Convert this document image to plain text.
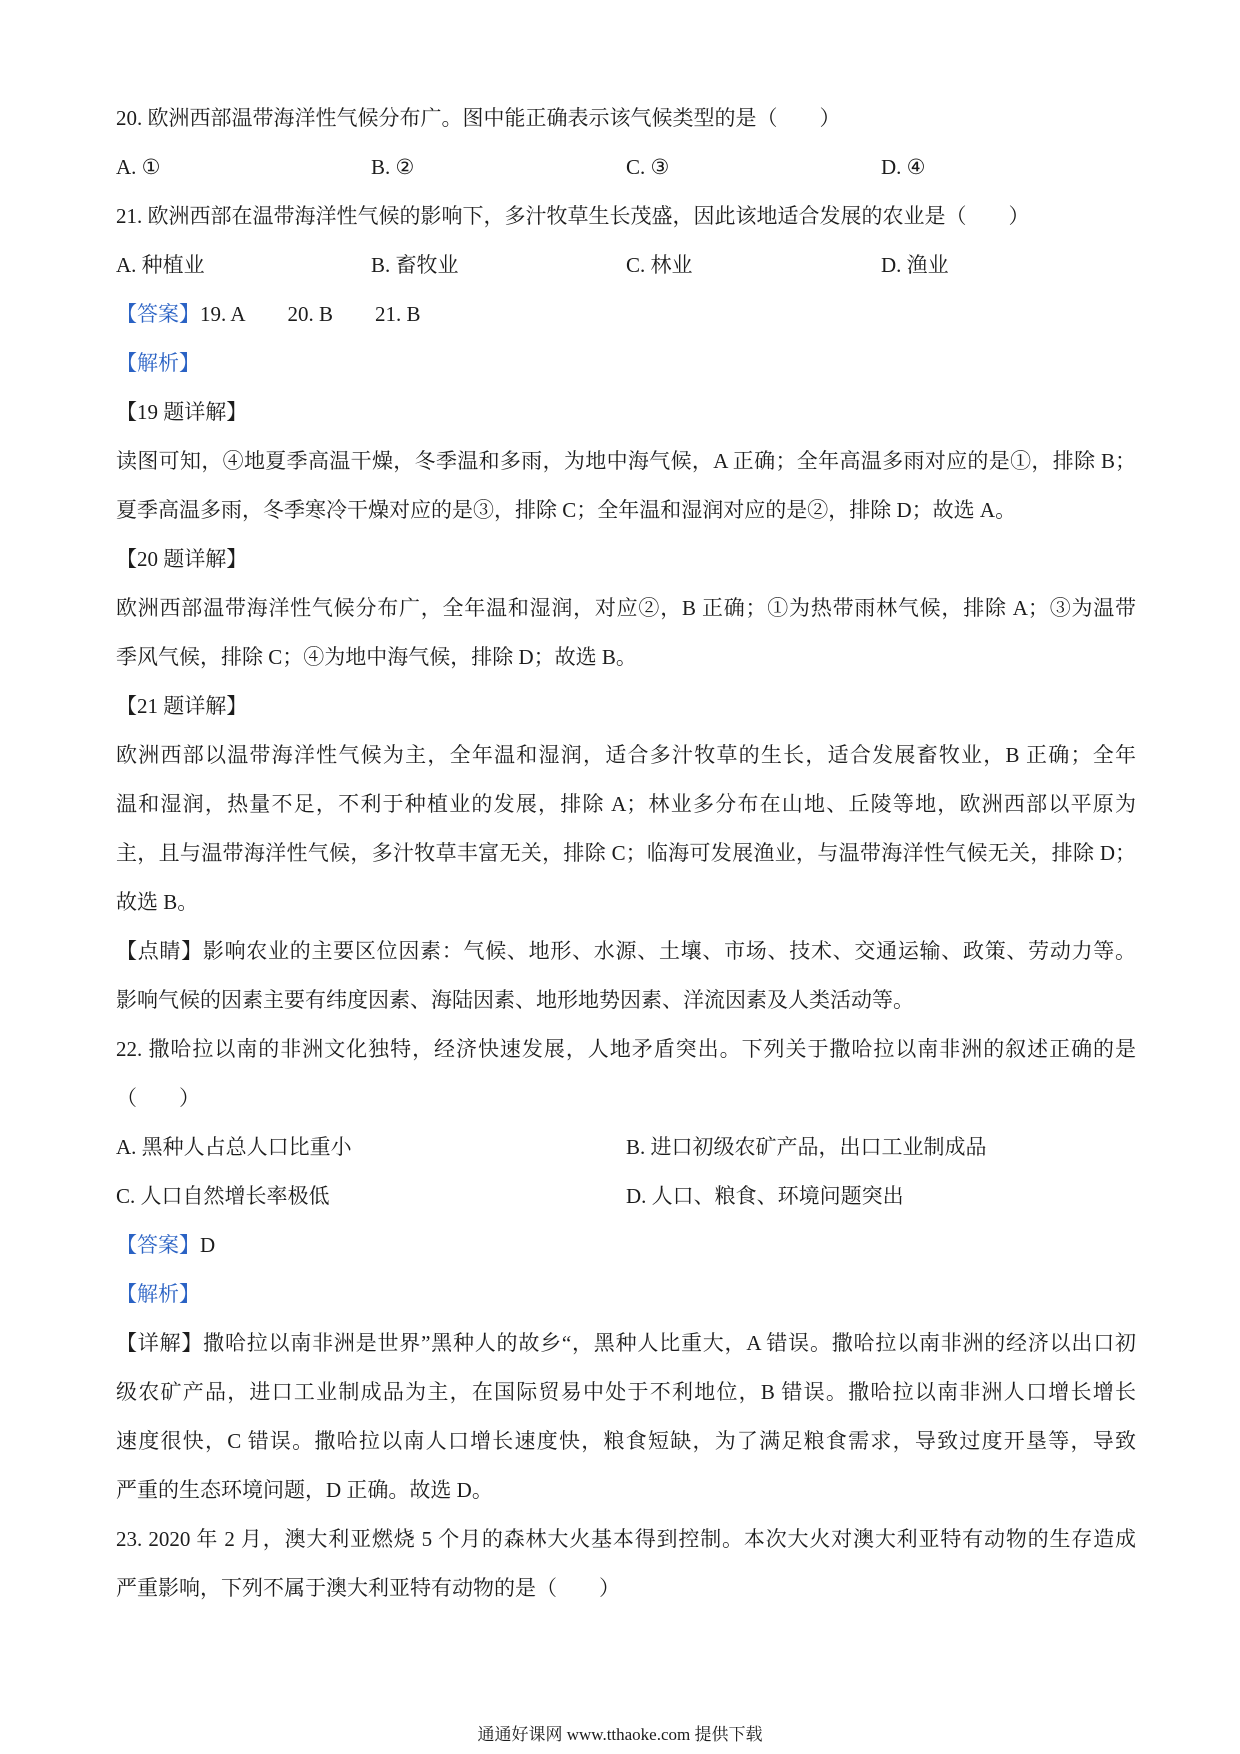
20. 欧洲西部温带海洋性气候分布广。图中能正确表示该气候类型的是（　　）
A. ①	B. ②	C. ③	D. ④
21. 欧洲西部在温带海洋性气候的影响下，多汁牧草生长茂盛，因此该地适合发展的农业是（　　）
A. 种植业	B. 畜牧业	C. 林业	D. 渔业
【答案】19. A 20. B 21. B
【解析】
【19 题详解】
读图可知，④地夏季高温干燥，冬季温和多雨，为地中海气候，A 正确；全年高温多雨对应的是①，排除 B；
夏季高温多雨，冬季寒冷干燥对应的是③，排除 C；全年温和湿润对应的是②，排除 D；故选 A。
【20 题详解】
欧洲西部温带海洋性气候分布广，全年温和湿润，对应②，B 正确；①为热带雨林气候，排除 A；③为温带
季风气候，排除 C；④为地中海气候，排除 D；故选 B。
【21 题详解】
欧洲西部以温带海洋性气候为主，全年温和湿润，适合多汁牧草的生长，适合发展畜牧业，B 正确；全年
温和湿润，热量不足，不利于种植业的发展，排除 A；林业多分布在山地、丘陵等地，欧洲西部以平原为
主，且与温带海洋性气候，多汁牧草丰富无关，排除 C；临海可发展渔业，与温带海洋性气候无关，排除 D；
故选 B。
【点睛】影响农业的主要区位因素：气候、地形、水源、土壤、市场、技术、交通运输、政策、劳动力等。
影响气候的因素主要有纬度因素、海陆因素、地形地势因素、洋流因素及人类活动等。
22. 撒哈拉以南的非洲文化独特，经济快速发展，人地矛盾突出。下列关于撒哈拉以南非洲的叙述正确的是
（　　）
A. 黑种人占总人口比重小	B. 进口初级农矿产品，出口工业制成品
C. 人口自然增长率极低	D. 人口、粮食、环境问题突出
【答案】D
【解析】
【详解】撒哈拉以南非洲是世界”黑种人的故乡“，黑种人比重大，A 错误。撒哈拉以南非洲的经济以出口初
级农矿产品，进口工业制成品为主，在国际贸易中处于不利地位，B 错误。撒哈拉以南非洲人口增长增长
速度很快，C 错误。撒哈拉以南人口增长速度快，粮食短缺，为了满足粮食需求，导致过度开垦等，导致
严重的生态环境问题，D 正确。故选 D。
23. 2020 年 2 月，澳大利亚燃烧 5 个月的森林大火基本得到控制。本次大火对澳大利亚特有动物的生存造成
严重影响，下列不属于澳大利亚特有动物的是（　　）
通通好课网 www.tthaoke.com 提供下载
